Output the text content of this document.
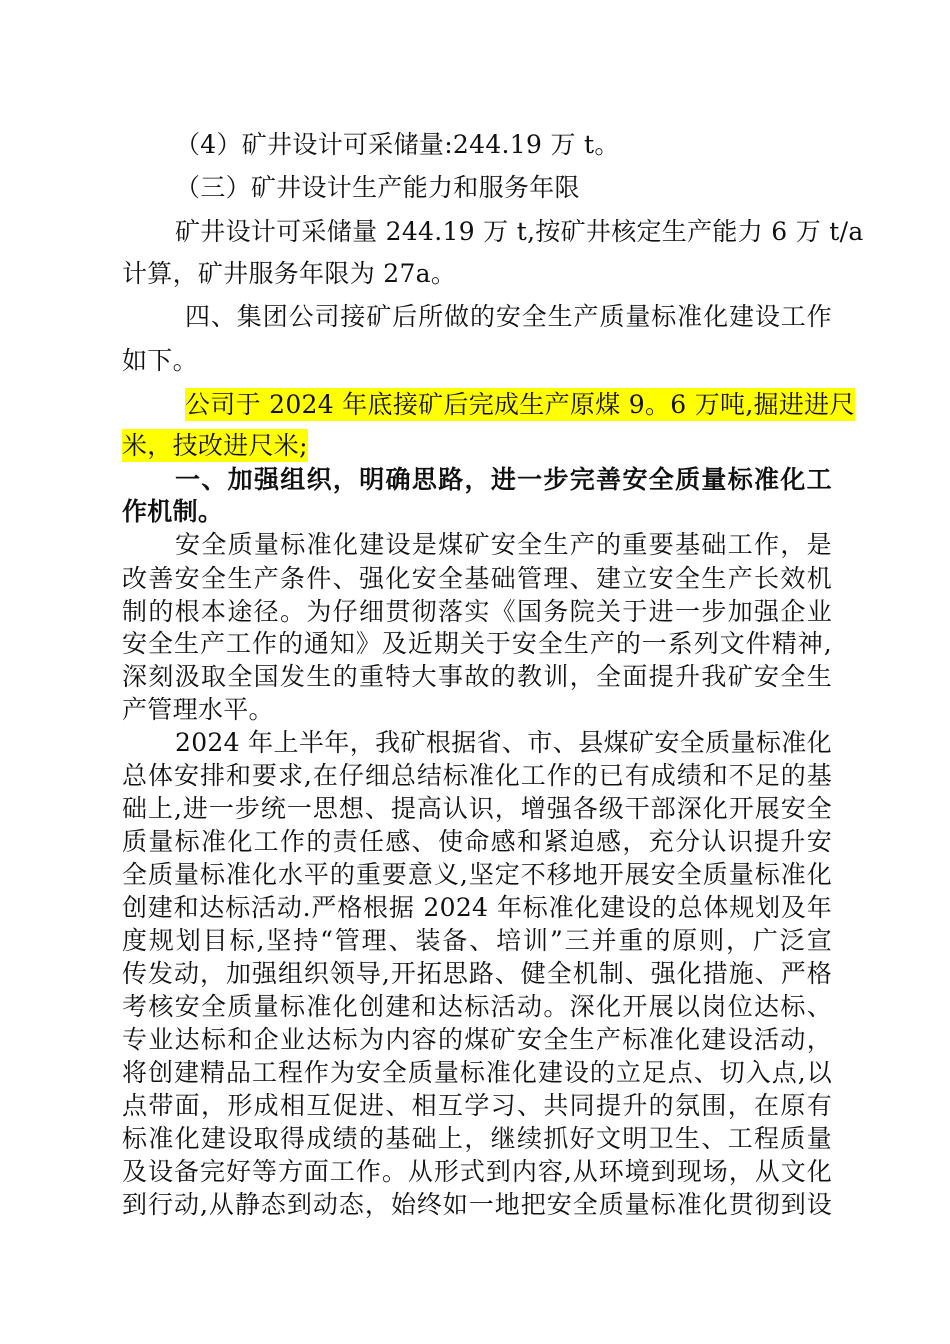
（4）矿井设计可采储量:244.19 万 t。
（三）矿井设计生产能力和服务年限
矿井设计可采储量 244.19 万 t,按矿井核定生产能力 6 万 t/a
计算，矿井服务年限为 27a。
四、集团公司接矿后所做的安全生产质量标准化建设工作
如下。
公司于 2024 年底接矿后完成生产原煤 9。6 万吨,掘进进尺
米，技改进尺米;
一、加强组织，明确思路，进一步完善安全质量标准化工
作机制。
安全质量标准化建设是煤矿安全生产的重要基础工作，是
改善安全生产条件、强化安全基础管理、建立安全生产长效机
制的根本途径。为仔细贯彻落实《国务院关于进一步加强企业
安全生产工作的通知》及近期关于安全生产的一系列文件精神,
深刻汲取全国发生的重特大事故的教训，全面提升我矿安全生
产管理水平。
2024 年上半年，我矿根据省、市、县煤矿安全质量标准化
总体安排和要求,在仔细总结标准化工作的已有成绩和不足的基
础上,进一步统一思想、提高认识，增强各级干部深化开展安全
质量标准化工作的责任感、使命感和紧迫感，充分认识提升安
全质量标准化水平的重要意义,坚定不移地开展安全质量标准化
创建和达标活动.严格根据 2024 年标准化建设的总体规划及年
度规划目标,坚持“管理、装备、培训”三并重的原则，广泛宣
传发动，加强组织领导,开拓思路、健全机制、强化措施、严格
考核安全质量标准化创建和达标活动。深化开展以岗位达标、
专业达标和企业达标为内容的煤矿安全生产标准化建设活动，
将创建精品工程作为安全质量标准化建设的立足点、切入点,以
点带面，形成相互促进、相互学习、共同提升的氛围，在原有
标准化建设取得成绩的基础上，继续抓好文明卫生、工程质量
及设备完好等方面工作。从形式到内容,从环境到现场，从文化
到行动,从静态到动态，始终如一地把安全质量标准化贯彻到设
